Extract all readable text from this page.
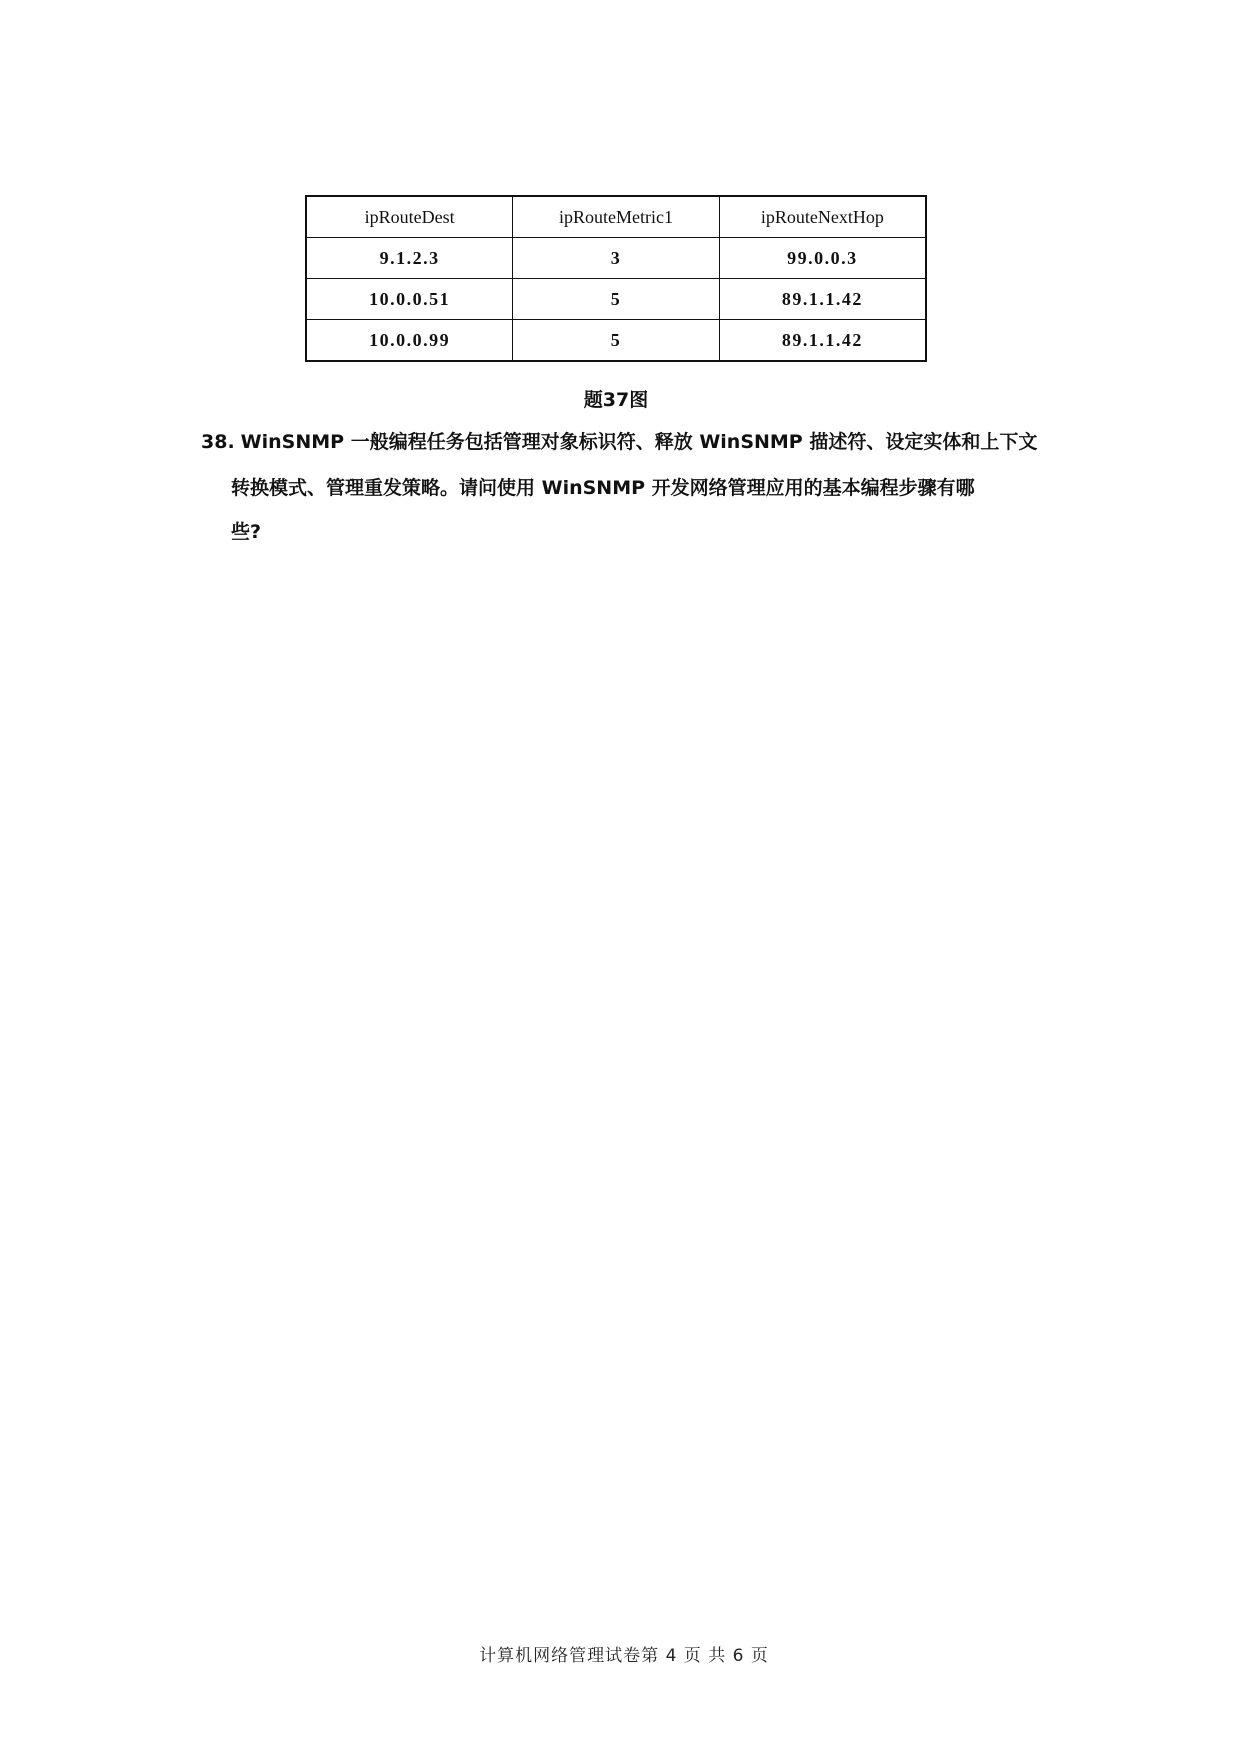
ipRouteDest	ipRouteMetric1	ipRouteNextHop
9.1.2.3	3	99.0.0.3
10.0.0.51	5	89.1.1.42
10.0.0.99	5	89.1.1.42
题37图
38. WinSNMP 一般编程任务包括管理对象标识符、释放 WinSNMP 描述符、设定实体和上下文
转换模式、管理重发策略。请问使用 WinSNMP 开发网络管理应用的基本编程步骤有哪
些?
计算机网络管理试卷第 4 页 共 6 页
